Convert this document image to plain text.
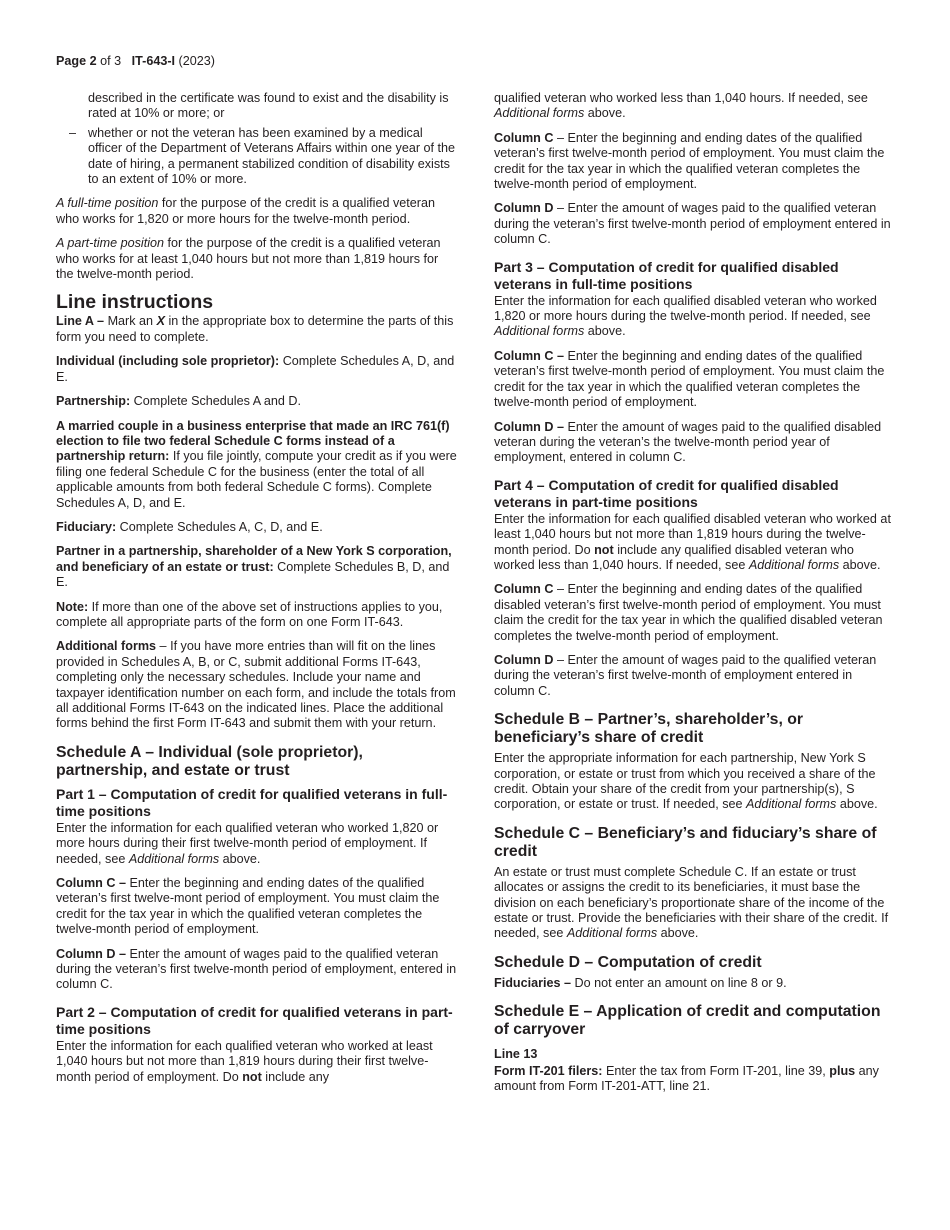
Page 2 of 3 IT-643-I (2023)

described in the certificate was found to exist and the disability is rated at 10% or more; or

– whether or not the veteran has been examined by a medical officer of the Department of Veterans Affairs within one year of the date of hiring, a permanent stabilized condition of disability exists to an extent of 10% or more.

A full-time position for the purpose of the credit is a qualified veteran who works for 1,820 or more hours for the twelve-month period.

A part-time position for the purpose of the credit is a qualified veteran who works for at least 1,040 hours but not more than 1,819 hours for the twelve-month period.

Line instructions

Line A – Mark an X in the appropriate box to determine the parts of this form you need to complete.

Individual (including sole proprietor): Complete Schedules A, D, and E.

Partnership: Complete Schedules A and D.

A married couple in a business enterprise that made an IRC 761(f) election to file two federal Schedule C forms instead of a partnership return: If you file jointly, compute your credit as if you were filing one federal Schedule C for the business (enter the total of all applicable amounts from both federal Schedule C forms). Complete Schedules A, D, and E.

Fiduciary: Complete Schedules A, C, D, and E.

Partner in a partnership, shareholder of a New York S corporation, and beneficiary of an estate or trust: Complete Schedules B, D, and E.

Note: If more than one of the above set of instructions applies to you, complete all appropriate parts of the form on one Form IT-643.

Additional forms – If you have more entries than will fit on the lines provided in Schedules A, B, or C, submit additional Forms IT-643, completing only the necessary schedules. Include your name and taxpayer identification number on each form, and include the totals from all additional Forms IT-643 on the indicated lines. Place the additional forms behind the first Form IT-643 and submit them with your return.

Schedule A – Individual (sole proprietor), partnership, and estate or trust
Part 1 – Computation of credit for qualified veterans in full-time positions

Enter the information for each qualified veteran who worked 1,820 or more hours during their first twelve-month period of employment. If needed, see Additional forms above.

Column C – Enter the beginning and ending dates of the qualified veteran’s first twelve-mont period of employment. You must claim the credit for the tax year in which the qualified veteran completes the twelve-month period of employment.

Column D – Enter the amount of wages paid to the qualified veteran during the veteran’s first twelve-month period of employment, entered in column C.

Part 2 – Computation of credit for qualified veterans in part-time positions

Enter the information for each qualified veteran who worked at least 1,040 hours but not more than 1,819 hours during their first twelve-month period of employment. Do not include any

qualified veteran who worked less than 1,040 hours. If needed, see Additional forms above.

Column C – Enter the beginning and ending dates of the qualified veteran’s first twelve-month period of employment. You must claim the credit for the tax year in which the qualified veteran completes the twelve-month period of employment.

Column D – Enter the amount of wages paid to the qualified veteran during the veteran’s first twelve-month period of employment entered in column C.

Part 3 – Computation of credit for qualified disabled veterans in full-time positions

Enter the information for each qualified disabled veteran who worked 1,820 or more hours during the twelve-month period. If needed, see Additional forms above.

Column C – Enter the beginning and ending dates of the qualified veteran’s first twelve-month period of employment. You must claim the credit for the tax year in which the qualified veteran completes the twelve-month period of employment.

Column D – Enter the amount of wages paid to the qualified disabled veteran during the veteran’s the twelve-month period year of employment, entered in column C.

Part 4 – Computation of credit for qualified disabled veterans in part-time positions

Enter the information for each qualified disabled veteran who worked at least 1,040 hours but not more than 1,819 hours during the twelve-month period. Do not include any qualified disabled veteran who worked less than 1,040 hours. If needed, see Additional forms above.

Column C – Enter the beginning and ending dates of the qualified disabled veteran’s first twelve-month period of employment. You must claim the credit for the tax year in which the qualified disabled veteran completes the twelve-month period of employment.

Column D – Enter the amount of wages paid to the qualified veteran during the veteran’s first twelve-month of employment entered in column C.

Schedule B – Partner’s, shareholder’s, or beneficiary’s share of credit

Enter the appropriate information for each partnership, New York S corporation, or estate or trust from which you received a share of the credit. Obtain your share of the credit from your partnership(s), S corporation, or estate or trust. If needed, see Additional forms above.

Schedule C – Beneficiary’s and fiduciary’s share of credit

An estate or trust must complete Schedule C. If an estate or trust allocates or assigns the credit to its beneficiaries, it must base the division on each beneficiary’s proportionate share of the income of the estate or trust. Provide the beneficiaries with their share of the credit. If needed, see Additional forms above.

Schedule D – Computation of credit

Fiduciaries – Do not enter an amount on line 8 or 9.

Schedule E – Application of credit and computation of carryover
Line 13

Form IT-201 filers: Enter the tax from Form IT-201, line 39, plus any amount from Form IT-201-ATT, line 21.
